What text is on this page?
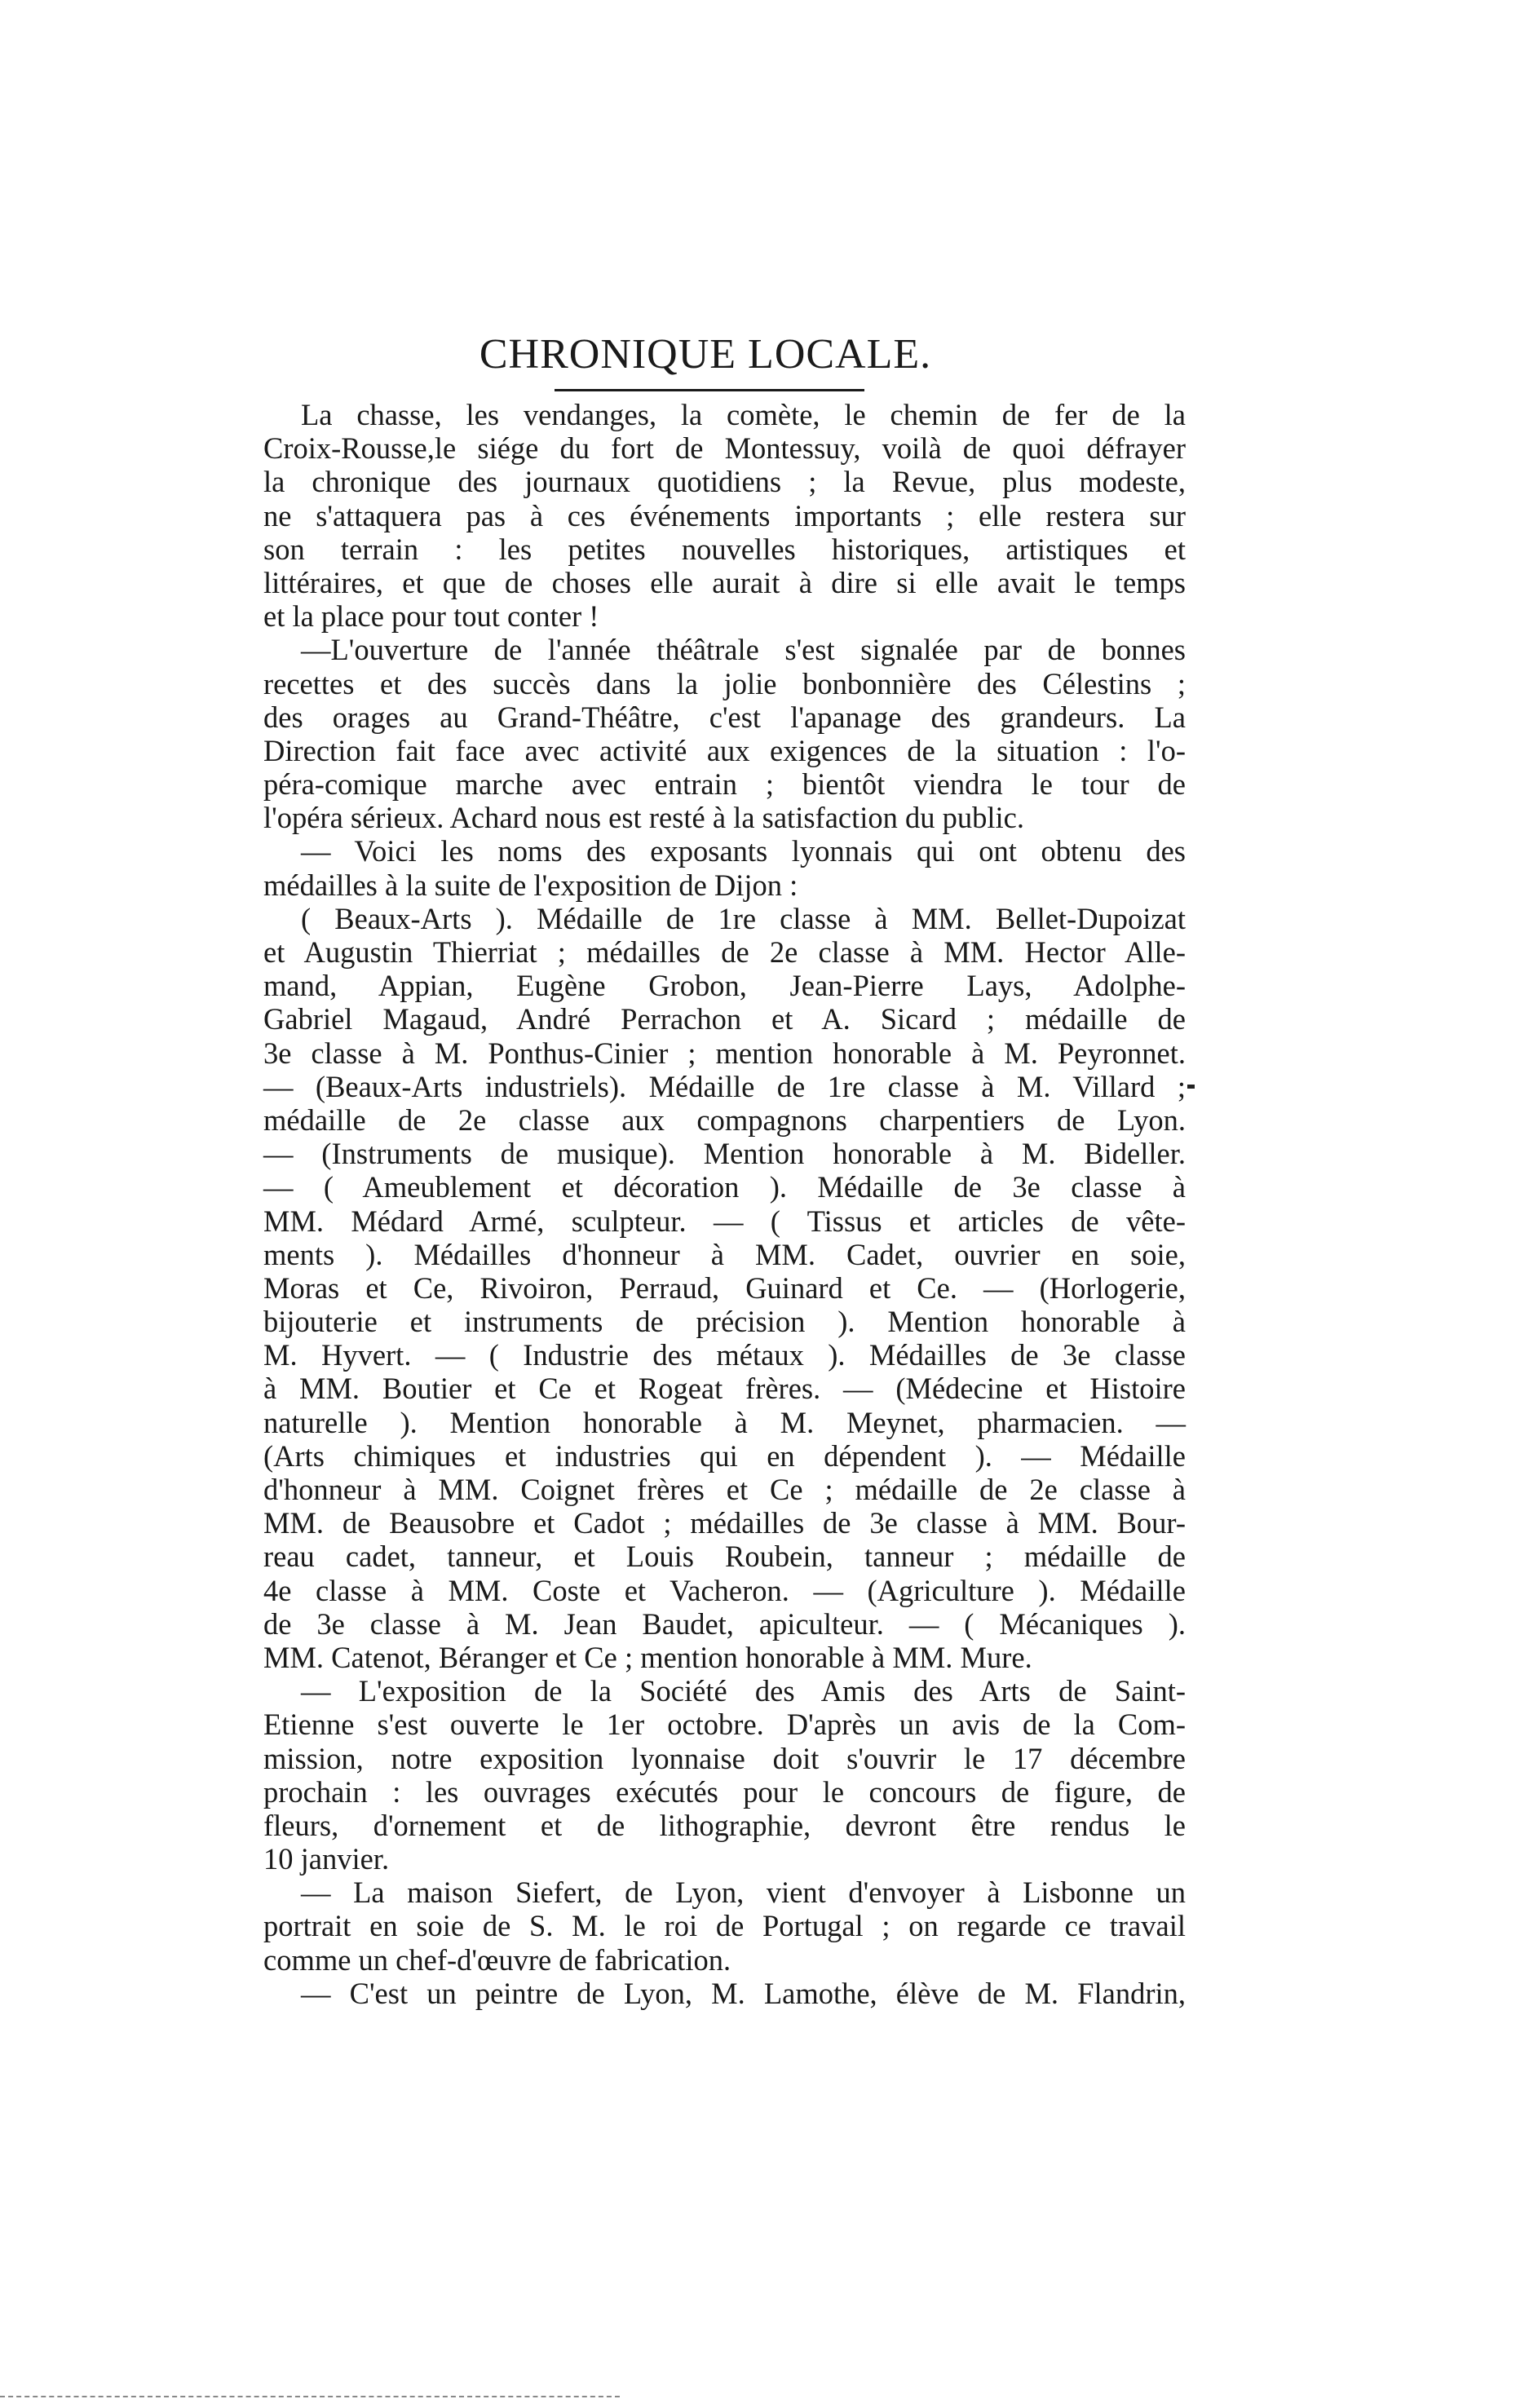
CHRONIQUE LOCALE.
La chasse, les vendanges, la comète, le chemin de fer de la
Croix-Rousse,le siége du fort de Montessuy, voilà de quoi défrayer
la chronique des journaux quotidiens ; la Revue, plus modeste,
ne s'attaquera pas à ces événements importants ; elle restera sur
son terrain : les petites nouvelles historiques, artistiques et
littéraires, et que de choses elle aurait à dire si elle avait le temps
et la place pour tout conter !
—L'ouverture de l'année théâtrale s'est signalée par de bonnes
recettes et des succès dans la jolie bonbonnière des Célestins ;
des orages au Grand-Théâtre, c'est l'apanage des grandeurs. La
Direction fait face avec activité aux exigences de la situation : l'o-
péra-comique marche avec entrain ; bientôt viendra le tour de
l'opéra sérieux. Achard nous est resté à la satisfaction du public.
— Voici les noms des exposants lyonnais qui ont obtenu des
médailles à la suite de l'exposition de Dijon :
( Beaux-Arts ). Médaille de 1re classe à MM. Bellet-Dupoizat
et Augustin Thierriat ; médailles de 2e classe à MM. Hector Alle-
mand, Appian, Eugène Grobon, Jean-Pierre Lays, Adolphe-
Gabriel Magaud, André Perrachon et A. Sicard ; médaille de
3e classe à M. Ponthus-Cinier ; mention honorable à M. Peyronnet.
— (Beaux-Arts industriels). Médaille de 1re classe à M. Villard ;
médaille de 2e classe aux compagnons charpentiers de Lyon.
— (Instruments de musique). Mention honorable à M. Bideller.
— ( Ameublement et décoration ). Médaille de 3e classe à
MM. Médard Armé, sculpteur. — ( Tissus et articles de vête-
ments ). Médailles d'honneur à MM. Cadet, ouvrier en soie,
Moras et Ce, Rivoiron, Perraud, Guinard et Ce. — (Horlogerie,
bijouterie et instruments de précision ). Mention honorable à
M. Hyvert. — ( Industrie des métaux ). Médailles de 3e classe
à MM. Boutier et Ce et Rogeat frères. — (Médecine et Histoire
naturelle ). Mention honorable à M. Meynet, pharmacien. —
(Arts chimiques et industries qui en dépendent ). — Médaille
d'honneur à MM. Coignet frères et Ce ; médaille de 2e classe à
MM. de Beausobre et Cadot ; médailles de 3e classe à MM. Bour-
reau cadet, tanneur, et Louis Roubein, tanneur ; médaille de
4e classe à MM. Coste et Vacheron. — (Agriculture ). Médaille
de 3e classe à M. Jean Baudet, apiculteur. — ( Mécaniques ).
MM. Catenot, Béranger et Ce ; mention honorable à MM. Mure.
— L'exposition de la Société des Amis des Arts de Saint-
Etienne s'est ouverte le 1er octobre. D'après un avis de la Com-
mission, notre exposition lyonnaise doit s'ouvrir le 17 décembre
prochain : les ouvrages exécutés pour le concours de figure, de
fleurs, d'ornement et de lithographie, devront être rendus le
10 janvier.
— La maison Siefert, de Lyon, vient d'envoyer à Lisbonne un
portrait en soie de S. M. le roi de Portugal ; on regarde ce travail
comme un chef-d'œuvre de fabrication.
— C'est un peintre de Lyon, M. Lamothe, élève de M. Flandrin,
